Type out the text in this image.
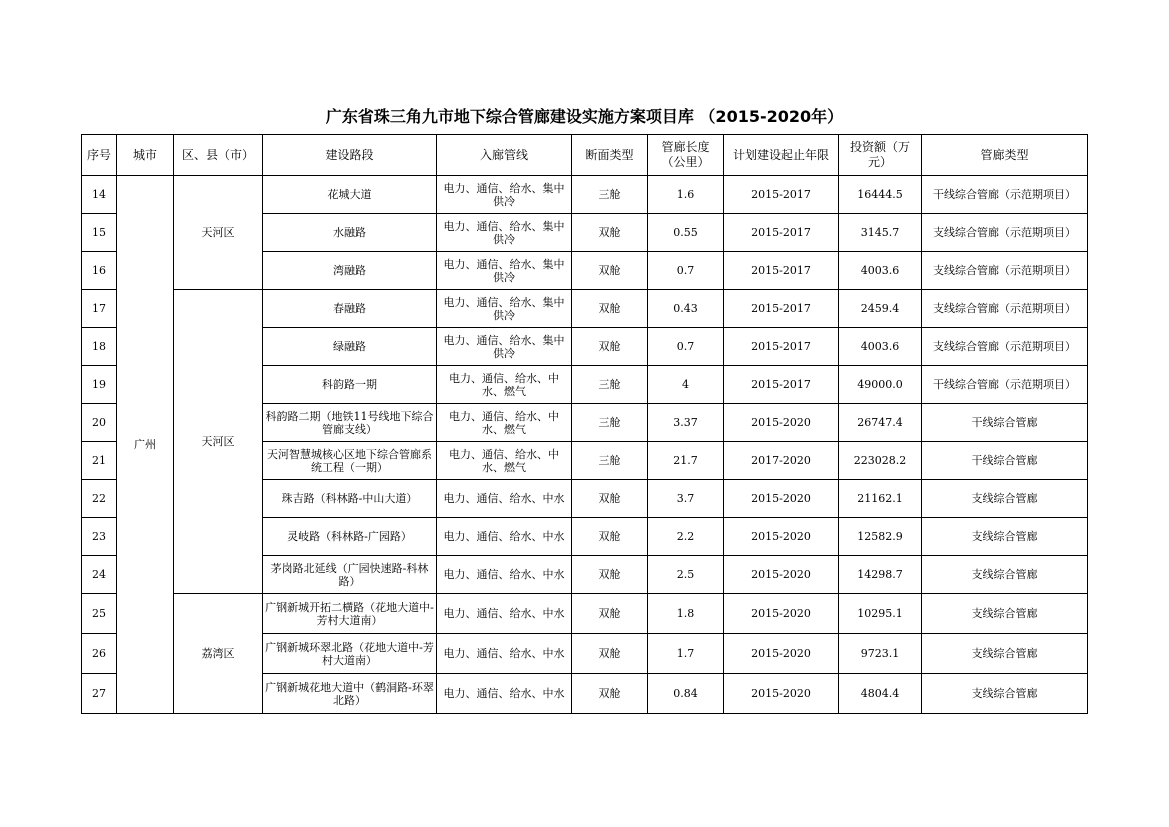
广东省珠三角九市地下综合管廊建设实施方案项目库 （2015-2020年）
序号	城市	区、县（市）	建设路段	入廊管线	断面类型	管廊长度（公里）	计划建设起止年限	投资额（万元）	管廊类型
14	广州	天河区	花城大道	电力、通信、给水、集中供冷	三舱	1.6	2015-2017	16444.5	干线综合管廊（示范期项目）
15			水融路	电力、通信、给水、集中供冷	双舱	0.55	2015-2017	3145.7	支线综合管廊（示范期项目）
16			湾融路	电力、通信、给水、集中供冷	双舱	0.7	2015-2017	4003.6	支线综合管廊（示范期项目）
17		天河区	春融路	电力、通信、给水、集中供冷	双舱	0.43	2015-2017	2459.4	支线综合管廊（示范期项目）
18			绿融路	电力、通信、给水、集中供冷	双舱	0.7	2015-2017	4003.6	支线综合管廊（示范期项目）
19			科韵路一期	电力、通信、给水、中水、燃气	三舱	4	2015-2017	49000.0	干线综合管廊（示范期项目）
20			科韵路二期（地铁11号线地下综合管廊支线）	电力、通信、给水、中水、燃气	三舱	3.37	2015-2020	26747.4	干线综合管廊
21			天河智慧城核心区地下综合管廊系统工程（一期）	电力、通信、给水、中水、燃气	三舱	21.7	2017-2020	223028.2	干线综合管廊
22			珠吉路（科林路-中山大道）	电力、通信、给水、中水	双舱	3.7	2015-2020	21162.1	支线综合管廊
23			灵岐路（科林路-广园路）	电力、通信、给水、中水	双舱	2.2	2015-2020	12582.9	支线综合管廊
24			茅岗路北延线（广园快速路-科林路）	电力、通信、给水、中水	双舱	2.5	2015-2020	14298.7	支线综合管廊
25		荔湾区	广钢新城开拓二横路（花地大道中-芳村大道南）	电力、通信、给水、中水	双舱	1.8	2015-2020	10295.1	支线综合管廊
26			广钢新城环翠北路（花地大道中-芳村大道南）	电力、通信、给水、中水	双舱	1.7	2015-2020	9723.1	支线综合管廊
27			广钢新城花地大道中（鹤洞路-环翠北路）	电力、通信、给水、中水	双舱	0.84	2015-2020	4804.4	支线综合管廊
